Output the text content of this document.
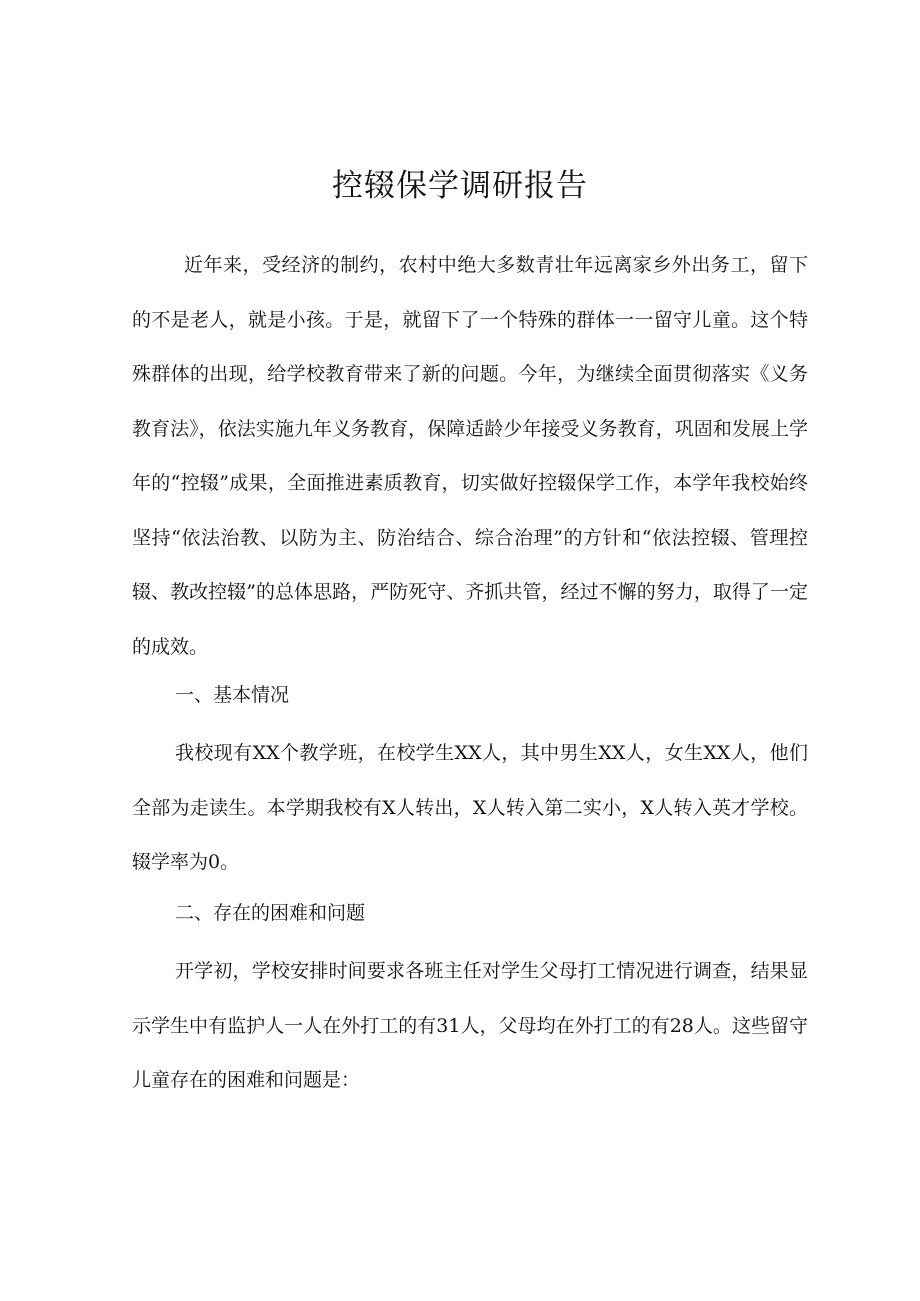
控辍保学调研报告

近年来，受经济的制约，农村中绝大多数青壮年远离家乡外出务工，留下的不是老人，就是小孩。于是，就留下了一个特殊的群体一一留守儿童。这个特殊群体的出现，给学校教育带来了新的问题。今年，为继续全面贯彻落实《义务教育法》，依法实施九年义务教育，保障适龄少年接受义务教育，巩固和发展上学年的“控辍”成果，全面推进素质教育，切实做好控辍保学工作，本学年我校始终坚持“依法治教、以防为主、防治结合、综合治理”的方针和“依法控辍、管理控辍、教改控辍”的总体思路，严防死守、齐抓共管，经过不懈的努力，取得了一定的成效。

一、基本情况

我校现有XX个教学班，在校学生XX人，其中男生XX人，女生XX人，他们全部为走读生。本学期我校有X人转出，X人转入第二实小，X人转入英才学校。辍学率为0。

二、存在的困难和问题

开学初，学校安排时间要求各班主任对学生父母打工情况进行调查，结果显示学生中有监护人一人在外打工的有31人，父母均在外打工的有28人。这些留守儿童存在的困难和问题是：
